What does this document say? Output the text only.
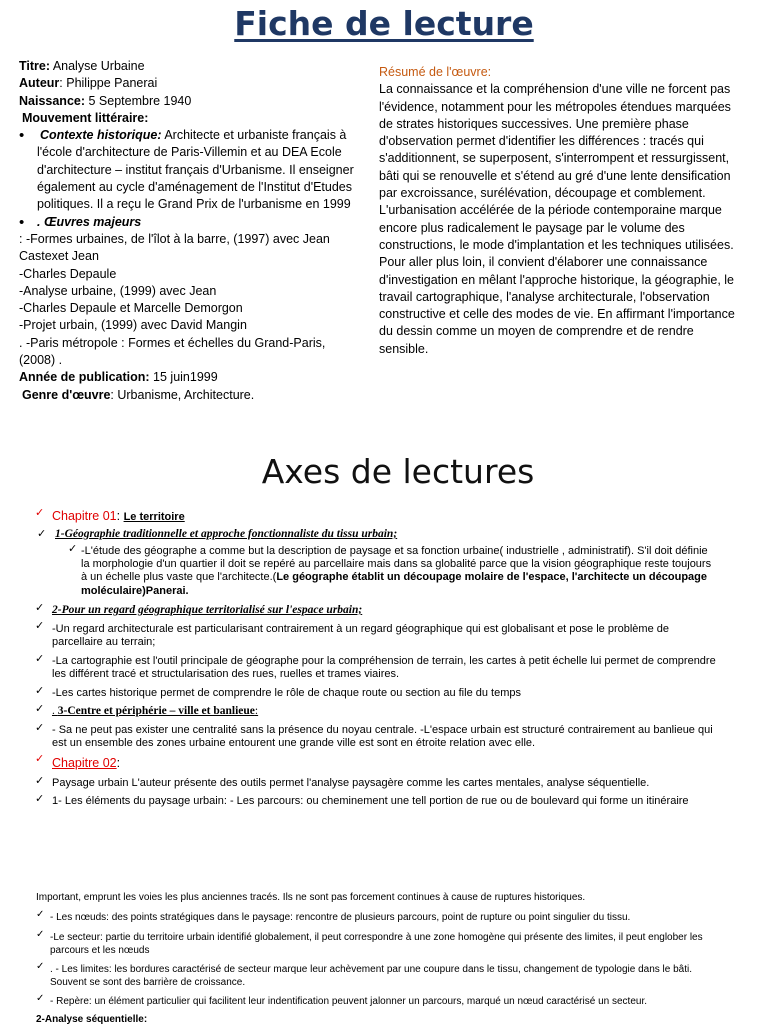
Fiche de lecture

Titre: Analyse Urbaine

Auteur: Philippe Panerai

Naissance: 5 Septembre 1940

Mouvement littéraire:

• Contexte historique: Architecte et urbaniste français à l'école d'architecture de Paris-Villemin et au DEA Ecole d'architecture – institut français d'Urbanisme. Il enseigner également au cycle d'aménagement de l'Institut d'Etudes politiques. Il a reçu le Grand Prix de l'urbanisme en 1999

• . Œuvres majeurs

: -Formes urbaines, de l'îlot à la barre, (1997) avec Jean Castexet Jean

-Charles Depaule

-Analyse urbaine, (1999) avec Jean

-Charles Depaule et Marcelle Demorgon

-Projet urbain, (1999) avec David Mangin

. -Paris métropole : Formes et échelles du Grand-Paris, (2008) .

Année de publication: 15 juin1999

Genre d'œuvre: Urbanisme, Architecture.

Résumé de l'œuvre:

La connaissance et la compréhension d'une ville ne forcent pas l'évidence, notamment pour les métropoles étendues marquées de strates historiques successives. Une première phase d'observation permet d'identifier les différences : tracés qui s'additionnent, se superposent, s'interrompent et ressurgissent, bâti qui se renouvelle et s'étend au gré d'une lente densification par excroissance, surélévation, découpage et comblement. L'urbanisation accélérée de la période contemporaine marque encore plus radicalement le paysage par le volume des constructions, le mode d'implantation et les techniques utilisées. Pour aller plus loin, il convient d'élaborer une connaissance d'investigation en mêlant l'approche historique, la géographie, le travail cartographique, l'analyse architecturale, l'observation constructive et celle des modes de vie. En affirmant l'importance du dessin comme un moyen de comprendre et de rendre sensible.

Axes de lectures
✓ Chapitre 01: Le territoire
✓ 1-Géographie traditionnelle et approche fonctionnaliste du tissu urbain;
✓ -L'étude des géographe a comme but la description de paysage et sa fonction urbaine( industrielle , administratif). S'il doit définie la morphologie d'un quartier il doit se repéré au parcellaire mais dans sa globalité parce que la vision géographique reste toujours à un échelle plus vaste que l'architecte.(Le géographe établit un découpage molaire de l'espace, l'architecte un découpage moléculaire)Panerai.
✓ 2-Pour un regard géographique territorialisé sur l'espace urbain;
✓ -Un regard architecturale est particularisant contrairement à un regard géographique qui est globalisant et pose le problème de parcellaire au terrain;
✓ -La cartographie est l'outil principale de géographe pour la compréhension de terrain, les cartes à petit échelle lui permet de comprendre les différent tracé et structularisation des rues, ruelles et trames viaires.
✓ -Les cartes historique permet de comprendre le rôle de chaque route ou section au file du temps
✓ . 3-Centre et périphérie – ville et banlieue:
✓ - Sa ne peut pas exister une centralité sans la présence du noyau centrale. -L'espace urbain est structuré contrairement au banlieue qui est un ensemble des zones urbaine entourent une grande ville est sont en étroite relation avec elle.
✓ Chapitre 02:
✓ Paysage urbain L'auteur présente des outils permet l'analyse paysagère comme les cartes mentales, analyse séquentielle.
✓ 1- Les éléments du paysage urbain: - Les parcours: ou cheminement une tell portion de rue ou de boulevard qui forme un itinéraire
Important, emprunt les voies les plus anciennes tracés. Ils ne sont pas forcement continues à cause de ruptures historiques.
✓ - Les nœuds: des points stratégiques dans le paysage: rencontre de plusieurs parcours, point de rupture ou point singulier du tissu.
✓ -Le secteur: partie du territoire urbain identifié globalement, il peut correspondre à une zone homogène qui présente des limites, il peut englober les parcours et les nœuds
✓ . - Les limites: les bordures caractérisé de secteur marque leur achèvement par une coupure dans le tissu, changement de typologie dans le bâti. Souvent se sont des barrière de croissance.
✓ - Repère: un élément particulier qui facilitent leur indentification peuvent jalonner un parcours, marqué un nœud caractérisé un secteur.
2-Analyse séquentielle:
